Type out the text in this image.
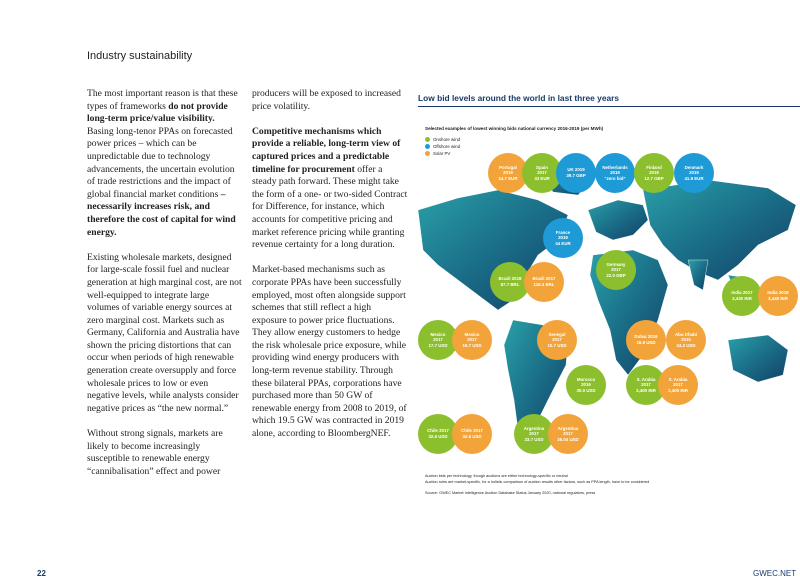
Industry sustainability

The most important reason is that these types of frameworks do not provide long-term price/value visibility. Basing long-tenor PPAs on forecasted power prices – which can be unpredictable due to technology advancements, the uncertain evolution of trade restrictions and the impact of global financial market conditions – necessarily increases risk, and therefore the cost of capital for wind energy.

Existing wholesale markets, designed for large-scale fossil fuel and nuclear generation at high marginal cost, are not well-equipped to integrate large volumes of variable energy sources at zero marginal cost. Markets such as Germany, California and Australia have shown the pricing distortions that can occur when periods of high renewable generation create oversupply and force wholesale prices to low or even negative levels, while analysts consider negative prices as “the new normal.”

Without strong signals, markets are likely to become increasingly susceptible to renewable energy “cannibalisation” effect and power

producers will be exposed to increased price volatility.

Competitive mechanisms which provide a reliable, long-term view of captured prices and a predictable timeline for procurement offer a steady path forward. These might take the form of a one- or two-sided Contract for Difference, for instance, which accounts for competitive pricing and market reference pricing while granting revenue certainty for a long duration.

Market-based mechanisms such as corporate PPAs have been successfully employed, most often alongside support schemes that still reflect a high exposure to power price fluctuations. They allow energy customers to hedge the risk wholesale price exposure, while providing wind energy producers with long-term revenue stability. Through these bilateral PPAs, corporations have purchased more than 50 GW of renewable energy from 2008 to 2019, of which 19.5 GW was contracted in 2019 alone, according to BloombergNEF.

Low bid levels around the world in last three years
Selected examples of lowest winning bids national currency 2016-2019 (per MWh)
Onshore wind
Offshore wind
Solar PV
Portugal
2019
14.7 EUR
Spain
2017
33 EUR
UK 2019
39.7 GBP
Netherlands
2019
“zero bid”
Finland
2019
12.7 GBP
Denmark
2019
41.9 EUR
France
2019
44 EUR
Germany
2017
22.0 GBP
Brazil 2018
67.7 BRL
Brazil 2017
118.4 BRL
India 2017
2,430 INR
India 2018
2,440 INR
Mexico
2017
17.7 USD
Mexico
2017
19.7 USD
Senegal
2017
10.7 USD
Dubai 2019
16.9 USD
Abu Dhabi
2016
24.2 USD
Morocco
2016
30.0 USD
S. Arabia
2017
2,400 INR
S. Arabia
2017
2,400 INR
Chile 2017
32.5 USD
Chile 2017
32.5 USD
Argentina
2017
33.7 USD
Argentina
2017
35.04 USD
Auction bids per technology, though auctions are either technology-specific or neutral
Auction rules are market-specific, for a holistic comparison of auction results other factors, such as PPA length, have to be considered
Source: GWEC Market Intelligence Auction Database Status January 2020, national regulators, press
22	GWEC.NET
